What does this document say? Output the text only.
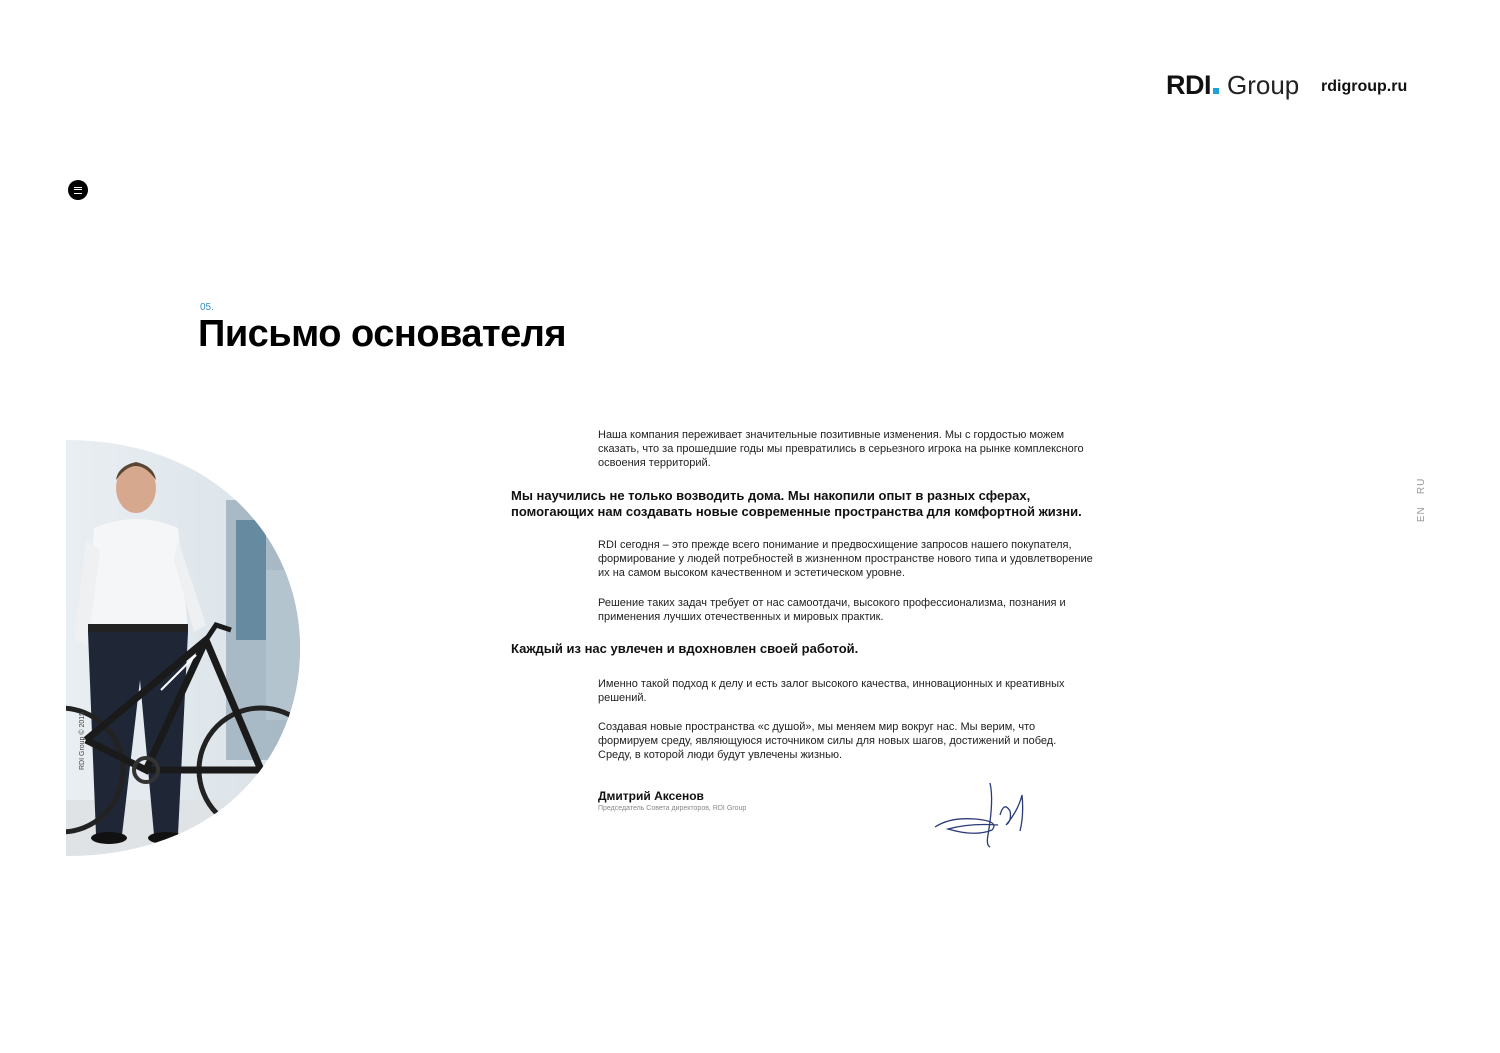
RDI Group rdigroup.ru
05.
Письмо основателя
RDI Group © 2015
EN RU

Наша компания переживает значительные позитивные изменения. Мы с гордостью можем сказать, что за прошедшие годы мы превратились в серьезного игрока на рынке комплексного освоения территорий.

Мы научились не только возводить дома. Мы накопили опыт в разных сферах, помогающих нам создавать новые современные пространства для комфортной жизни.

RDI сегодня – это прежде всего понимание и предвосхищение запросов нашего покупателя, формирование у людей потребностей в жизненном пространстве нового типа и удовлетворение их на самом высоком качественном и эстетическом уровне.

Решение таких задач требует от нас самоотдачи, высокого профессионализма, познания и применения лучших отечественных и мировых практик.

Каждый из нас увлечен и вдохновлен своей работой.

Именно такой подход к делу и есть залог высокого качества, инновационных и креативных решений.

Создавая новые пространства «с душой», мы меняем мир вокруг нас. Мы верим, что формируем среду, являющуюся источником силы для новых шагов, достижений и побед. Среду, в которой люди будут увлечены жизнью.

Дмитрий Аксенов
Председатель Совета директоров, RDI Group
